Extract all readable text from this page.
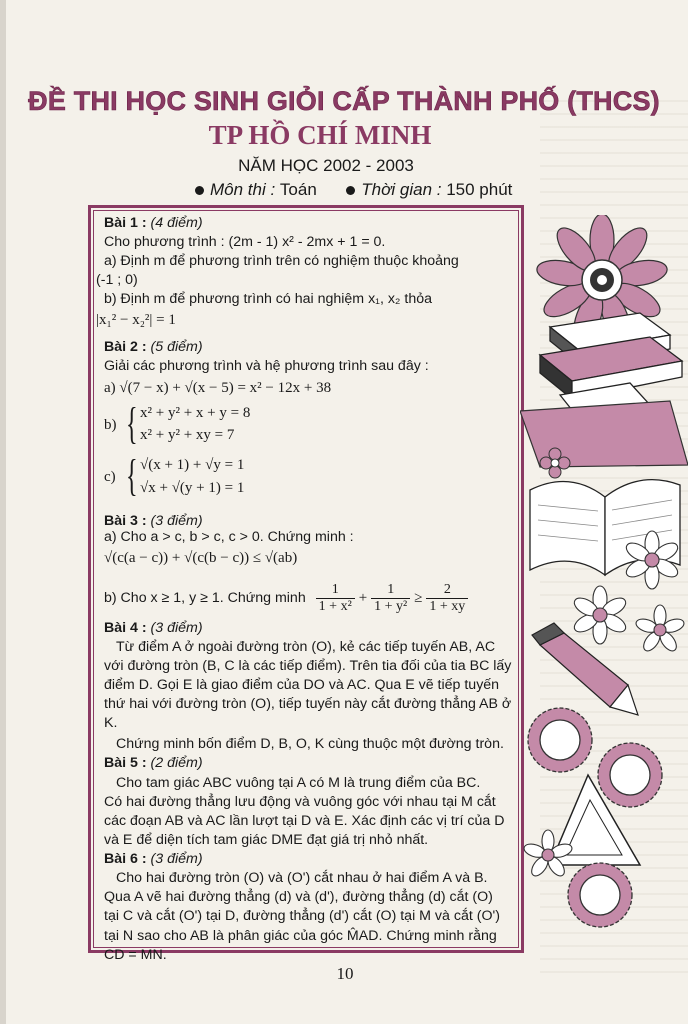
ĐỀ THI HỌC SINH GIỎI CẤP THÀNH PHỐ (THCS)
TP HỒ CHÍ MINH
NĂM HỌC 2002 - 2003
Môn thi : Toán	Thời gian : 150 phút
Bài 1 : (4 điểm)
Cho phương trình : (2m - 1) x² - 2mx + 1 = 0.
a) Định m để phương trình trên có nghiệm thuộc khoảng
(-1 ; 0)
b) Định m để phương trình có hai nghiệm x₁, x₂ thỏa
|x₁² − x₂²| = 1
Bài 2 : (5 điểm)
Giải các phương trình và hệ phương trình sau đây :
a) √(7 − x) + √(x − 5) = x² − 12x + 38
b) { x² + y² + x + y = 8
x² + y² + xy = 7
c) { √(x + 1) + √y = 1
√x + √(y + 1) = 1
Bài 3 : (3 điểm)
a) Cho a > c, b > c, c > 0. Chứng minh :
√(c(a − c)) + √(c(b − c)) ≤ √(ab)
b) Cho x ≥ 1, y ≥ 1. Chứng minh $\frac{1}{\text{1 + x²}} + \frac{1}{\text{1 + y²}} \ge \frac{2}{1 + xy}$
Bài 4 : (3 điểm)
Từ điểm A ở ngoài đường tròn (O), kẻ các tiếp tuyến AB, AC
với đường tròn (B, C là các tiếp điểm). Trên tia đối của tia BC lấy
điểm D. Gọi E là giao điểm của DO và AC. Qua E vẽ tiếp tuyến
thứ hai với đường tròn (O), tiếp tuyến này cắt đường thẳng AB ở
K.
Chứng minh bốn điểm D, B, O, K cùng thuộc một đường tròn.
Bài 5 : (2 điểm)
Cho tam giác ABC vuông tại A có M là trung điểm của BC.
Có hai đường thẳng lưu động và vuông góc với nhau tại M cắt
các đoạn AB và AC lần lượt tại D và E. Xác định các vị trí của D
và E để diện tích tam giác DME đạt giá trị nhỏ nhất.
Bài 6 : (3 điểm)
Cho hai đường tròn (O) và (O') cắt nhau ở hai điểm A và B.
Qua A vẽ hai đường thẳng (d) và (d'), đường thẳng (d) cắt (O)
tại C và cắt (O') tại D, đường thẳng (d') cắt (O) tại M và cắt (O')
tại N sao cho AB là phân giác của góc M̂AD. Chứng minh rằng
CD = MN.
10
